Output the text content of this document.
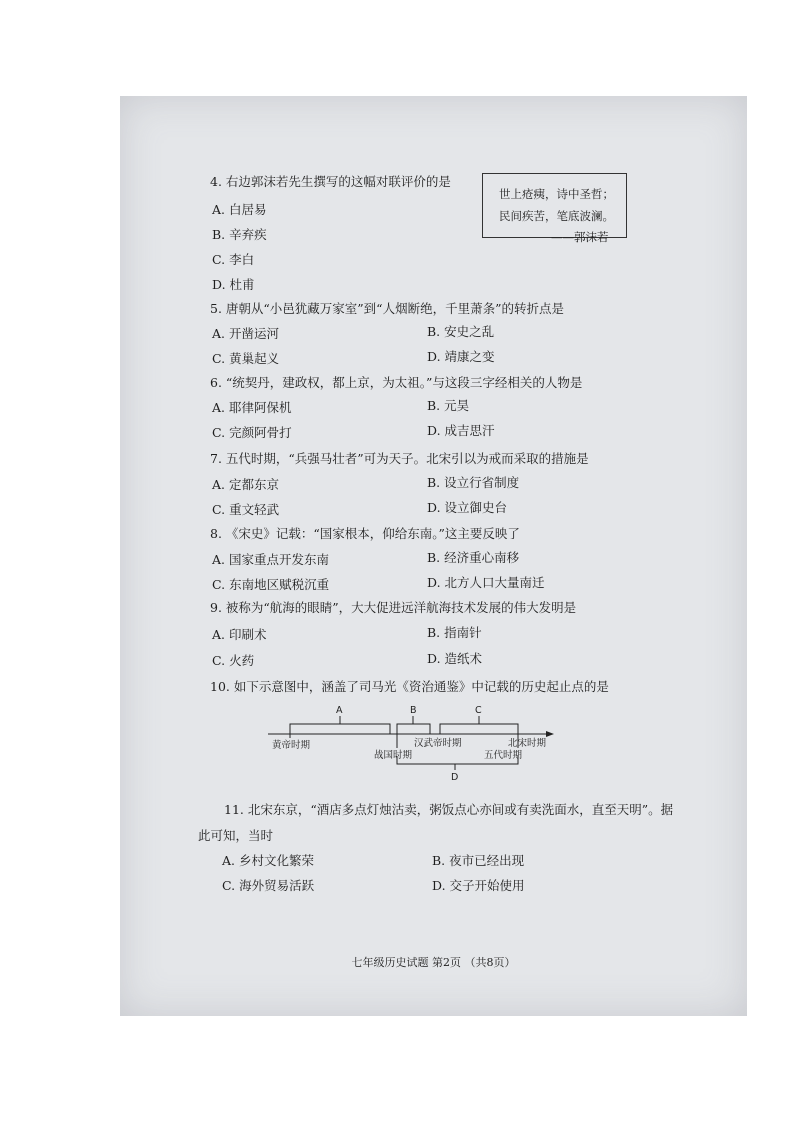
4. 右边郭沫若先生撰写的这幅对联评价的是
A. 白居易
B. 辛弃疾
C. 李白
D. 杜甫
世上疮痍，诗中圣哲；
民间疾苦，笔底波澜。
——郭沫若
5. 唐朝从“小邑犹藏万家室”到“人烟断绝，千里萧条”的转折点是
A. 开凿运河	B. 安史之乱
C. 黄巢起义	D. 靖康之变
6. “统契丹，建政权，都上京，为太祖。”与这段三字经相关的人物是
A. 耶律阿保机	B. 元昊
C. 完颜阿骨打	D. 成吉思汗
7. 五代时期，“兵强马壮者”可为天子。北宋引以为戒而采取的措施是
A. 定都东京	B. 设立行省制度
C. 重文轻武	D. 设立御史台
8. 《宋史》记载：“国家根本，仰给东南。”这主要反映了
A. 国家重点开发东南	B. 经济重心南移
C. 东南地区赋税沉重	D. 北方人口大量南迁
9. 被称为“航海的眼睛”，大大促进远洋航海技术发展的伟大发明是
A. 印刷术	B. 指南针
C. 火药	D. 造纸术
10. 如下示意图中，涵盖了司马光《资治通鉴》中记载的历史起止点的是
A	B	C
黄帝时期
战国时期
汉武帝时期
五代时期
北宋时期
D
11. 北宋东京，“酒店多点灯烛沽卖，粥饭点心亦间或有卖洗面水，直至天明”。据
此可知，当时
A. 乡村文化繁荣	B. 夜市已经出现
C. 海外贸易活跃	D. 交子开始使用
七年级历史试题 第2页 （共8页）
